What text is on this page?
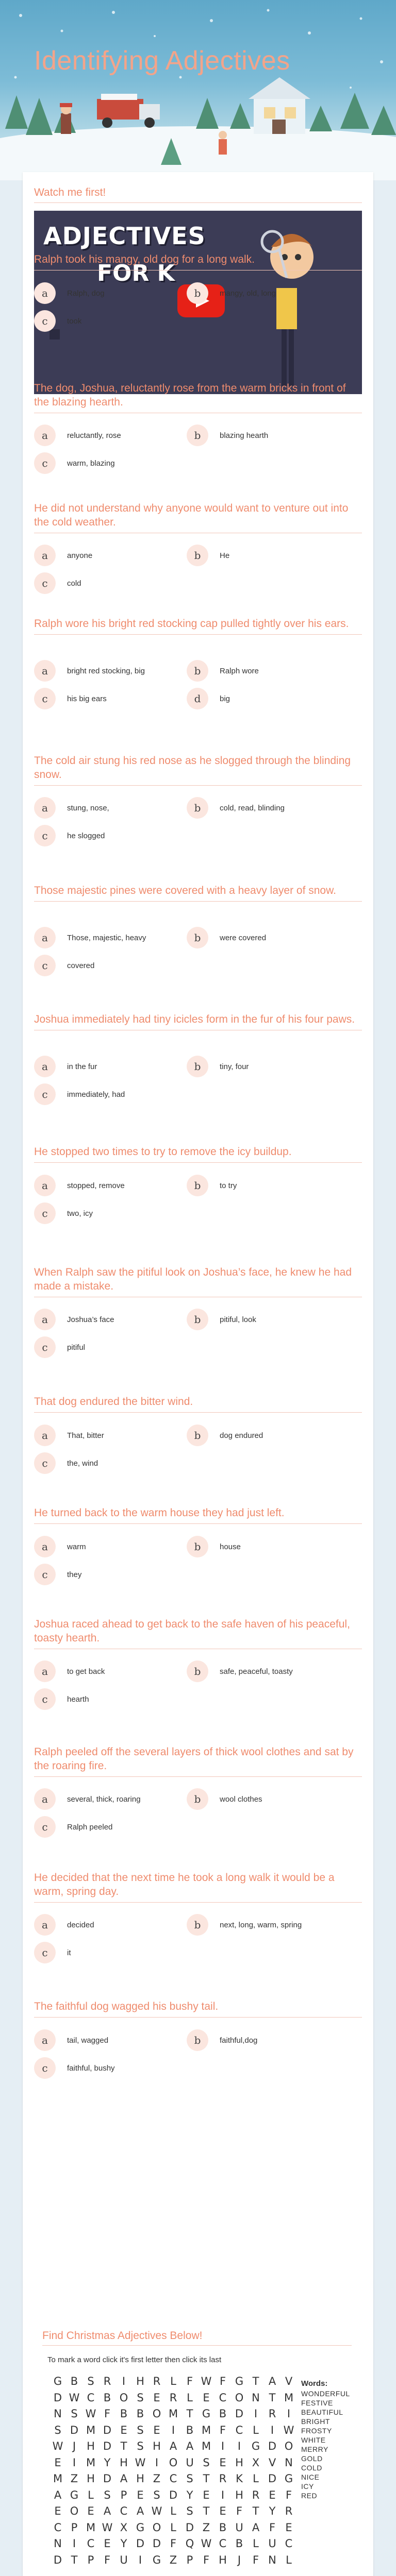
Identifying Adjectives
Watch me first!
ADJECTIVES
FOR K
Ralph took his mangy, old dog for a long walk.
a	Ralph, dog	b	mangy, old, long
c	took
The dog, Joshua, reluctantly rose from the warm bricks in front of the blazing hearth.
a	reluctantly, rose	b	blazing hearth
c	warm, blazing
He did not understand why anyone would want to venture out into the cold weather.
a	anyone	b	He
c	cold
Ralph wore his bright red stocking cap pulled tightly over his ears.
a	bright red stocking, big	b	Ralph wore
c	his big ears	d	big
The cold air stung his red nose as he slogged through the blinding snow.
a	stung, nose,	b	cold, read, blinding
c	he slogged
Those majestic pines were covered with a heavy layer of snow.
a	Those, majestic, heavy	b	were covered
c	covered
Joshua immediately had tiny icicles form in the fur of his four paws.
a	in the fur	b	tiny, four
c	immediately, had
He stopped two times to try to remove the icy buildup.
a	stopped, remove	b	to try
c	two, icy
When Ralph saw the pitiful look on Joshua’s face, he knew he had made a mistake.
a	Joshua’s face	b	pitiful, look
c	pitiful
That dog endured the bitter wind.
a	That, bitter	b	dog endured
c	the, wind
He turned back to the warm house they had just left.
a	warm	b	house
c	they
Joshua raced ahead to get back to the safe haven of his peaceful, toasty hearth.
a	to get back	b	safe, peaceful, toasty
c	hearth
Ralph peeled off the several layers of thick wool clothes and sat by the roaring fire.
a	several, thick, roaring	b	wool clothes
c	Ralph peeled
He decided that the next time he took a long walk it would be a warm, spring day.
a	decided	b	next, long, warm, spring
c	it
The faithful dog wagged his bushy tail.
a	tail, wagged	b	faithful,dog
c	faithful, bushy
Find Christmas Adjectives Below!
To mark a word click it's first letter then click its last
G B S R	I	H R L F W F G T A V
D W C B O S E R L E C O N T M
N S W F B B O M T G B D I	R	I
S D M D E S E	I	B M F C L	I W
W J	H D T S H A A M I	I G D O
E	I M Y H W I O U S E H X V N
M Z H D A H Z C S T R K L D G
A G L S P E S D Y E	I	H R E F
E O E A C A W L S T E F T Y R
C P M W X G O L D Z B U A F E
N	I	C E Y D D F Q W C B L U C
D T P F U	I G Z P F H	J	F N L
Words:
WONDERFUL
FESTIVE
BEAUTIFUL
BRIGHT
FROSTY
WHITE
MERRY
GOLD
COLD
NICE
ICY
RED
